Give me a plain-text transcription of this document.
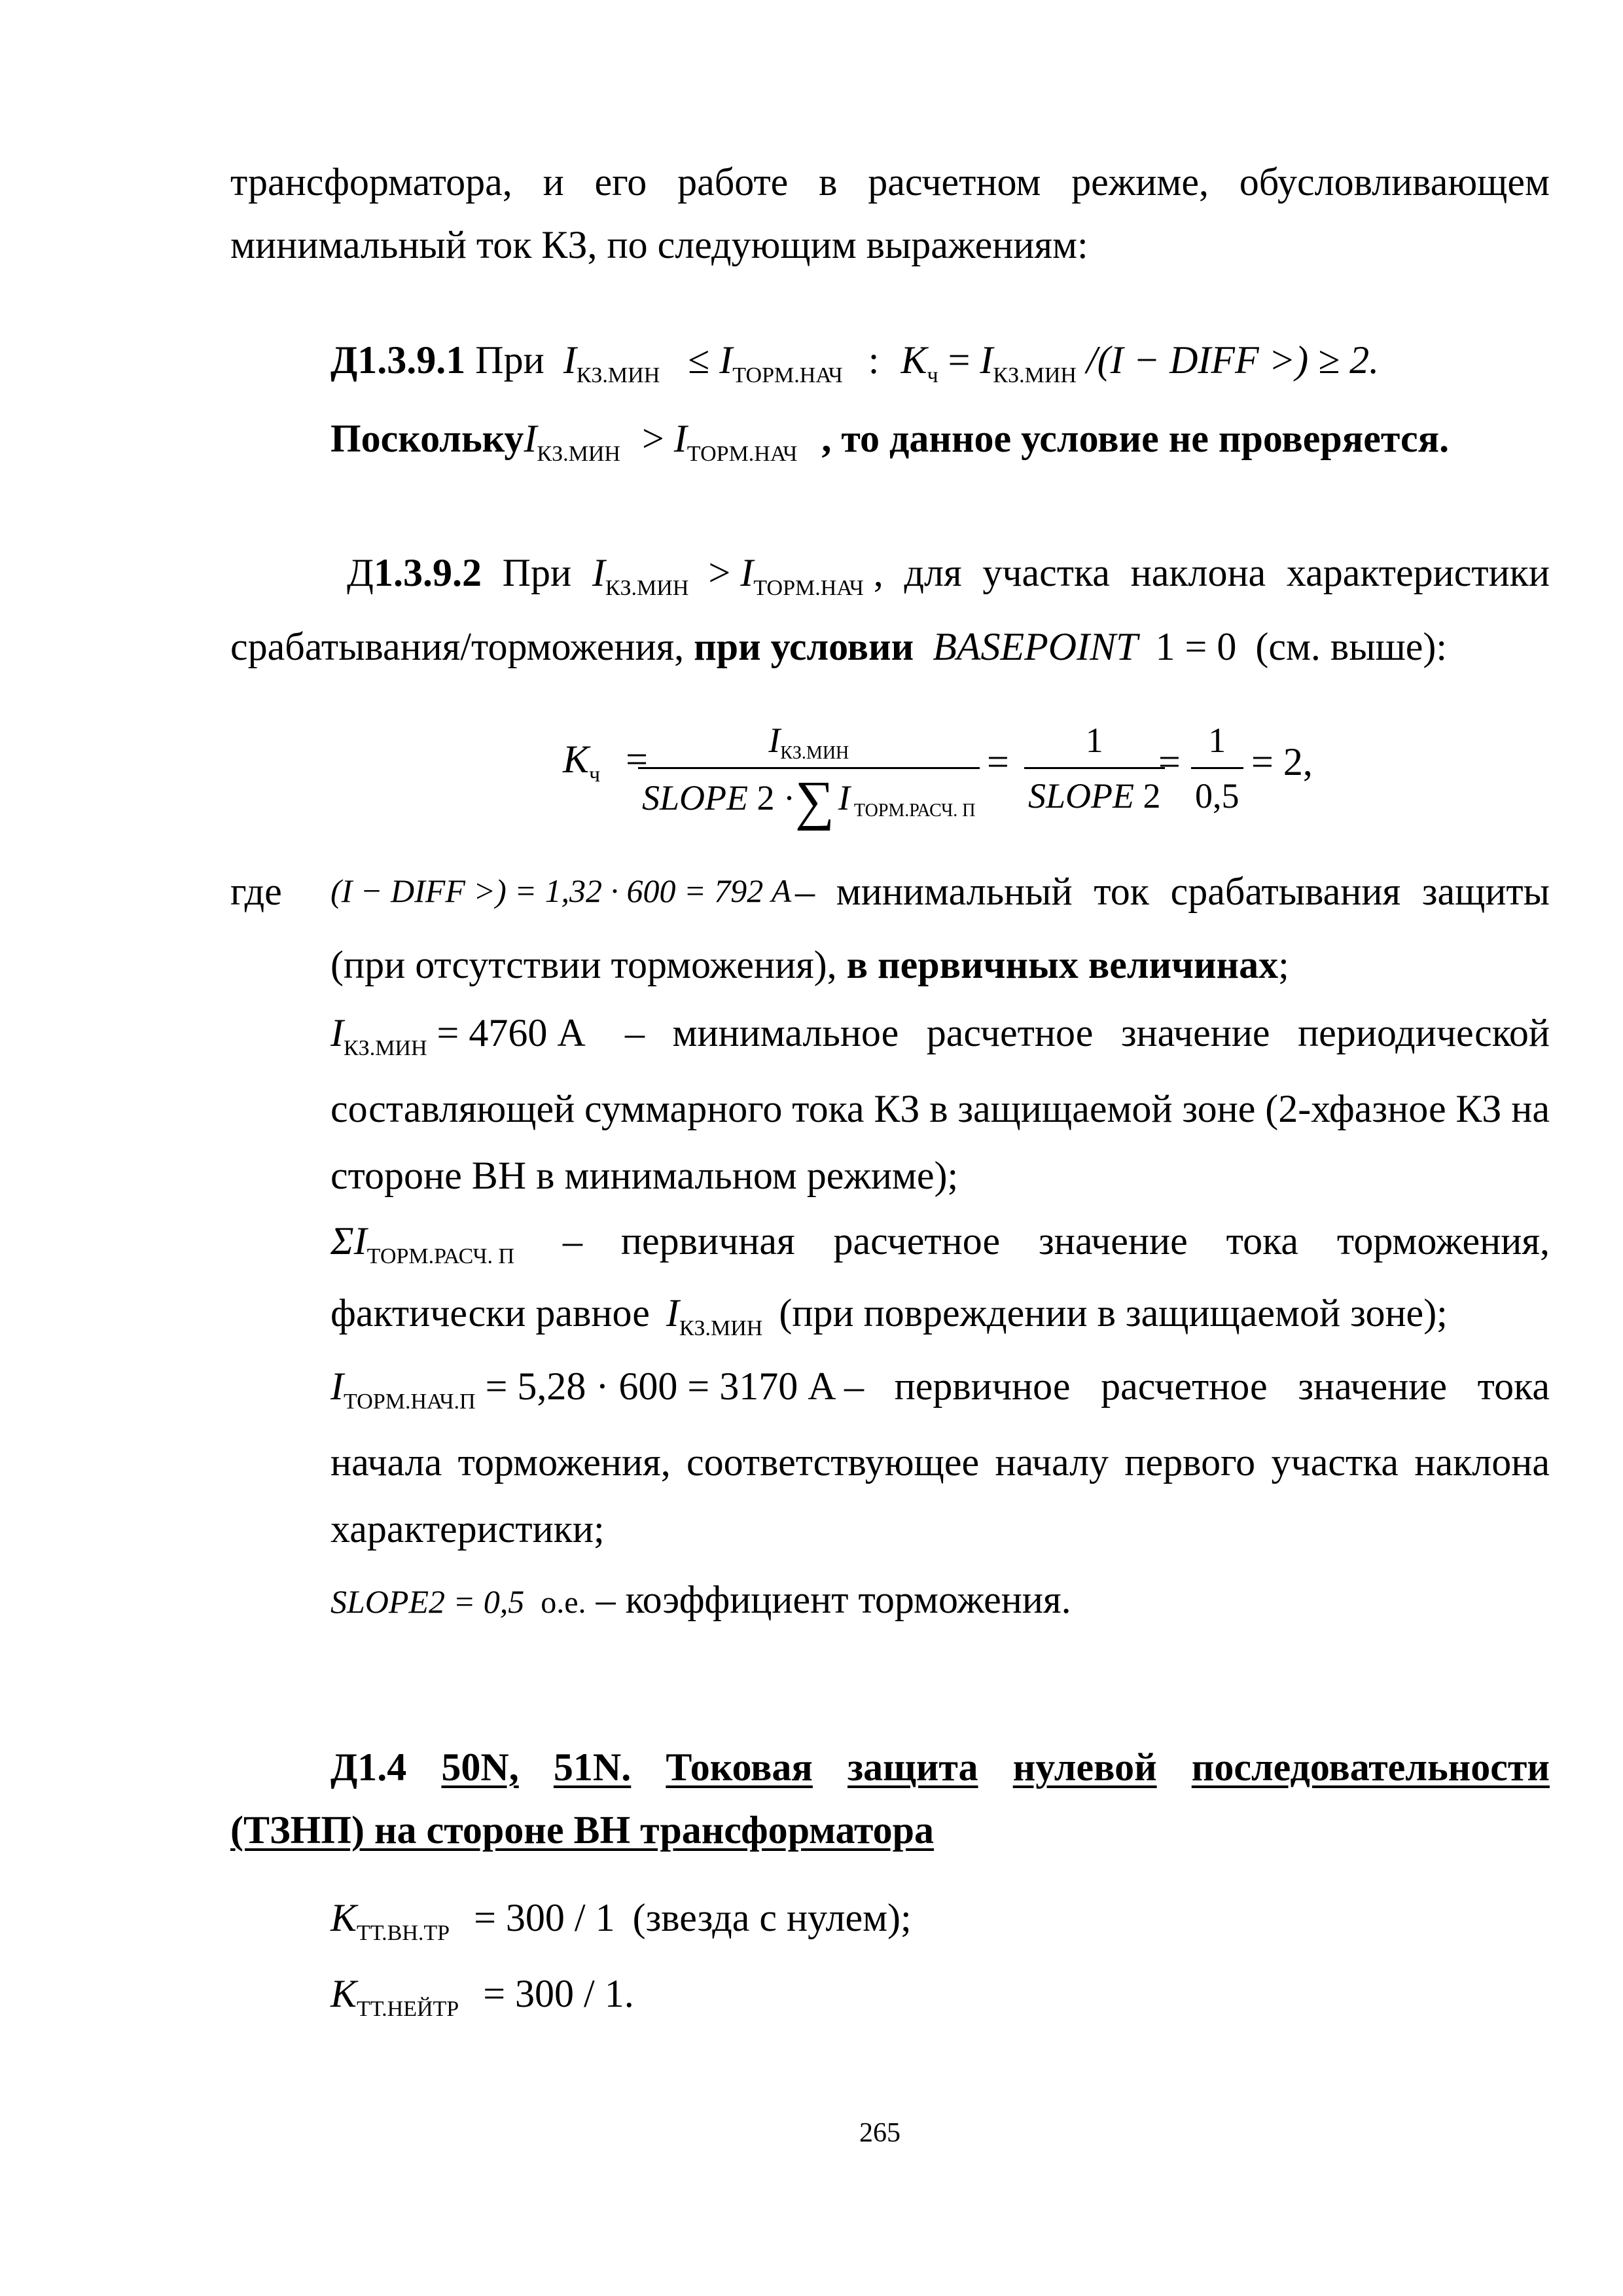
трансформатора, и его работе в расчетном режиме, обусловливающем
минимальный ток КЗ, по следующим выражениям:
Д1.3.9.1 При $I_{КЗ.МИН} \le I_{ТОРМ.НАЧ}$ : $K_ч = I_{КЗ.МИН}$ /(I − DIFF >) ≥ 2.
ПосколькуI$_{КЗ.МИН}$ > $I_{ТОРМ.НАЧ}$ , то данное условие не проверяется.
Д1.3.9.2 При $I_{КЗ.МИН} > I_{ТОРМ.НАЧ}$ , для участка наклона характеристики
срабатывания/торможения, при условии BASEPOINT 1 = 0 (см. выше):
$K_ч$ =	IКЗ.МИН
SLOPE 2 ·∑ I ТОРМ.РАСЧ. П
= 1
SLOPE 2
= $\frac{1}{0,5} = 2$,
где (I − DIFF >) = 1,32 · 600 = 792 А – минимальный ток срабатывания защиты
(при отсутствии торможения), в первичных величинах;
$I_{КЗ.МИН} = 4760$ А – минимальное расчетное значение периодической
составляющей суммарного тока КЗ в защищаемой зоне (2-хфазное КЗ на
стороне ВН в минимальном режиме);
$\Sigma I_{ТОРМ.РАСЧ. П}$ – первичная расчетное значение тока торможения,
фактически равное $I_{КЗ.МИН}$ (при повреждении в защищаемой зоне);
$I_{ТОРМ.НАЧ.П} = 5,28 \cdot 600 = 3170$ А – первичное расчетное значение тока
начала торможения, соответствующее началу первого участка наклона
характеристики;
SLOPE2 = 0,5 о.е. – коэффициент торможения.
Д1.4 50N, 51N. Токовая защита нулевой последовательности
(ТЗНП) на стороне ВН трансформатора
$K_{ТТ.ВН.ТР} = 300 / 1$ (звезда с нулем);
$K_{ТТ.НЕЙТР} = 300 / 1$.
265
